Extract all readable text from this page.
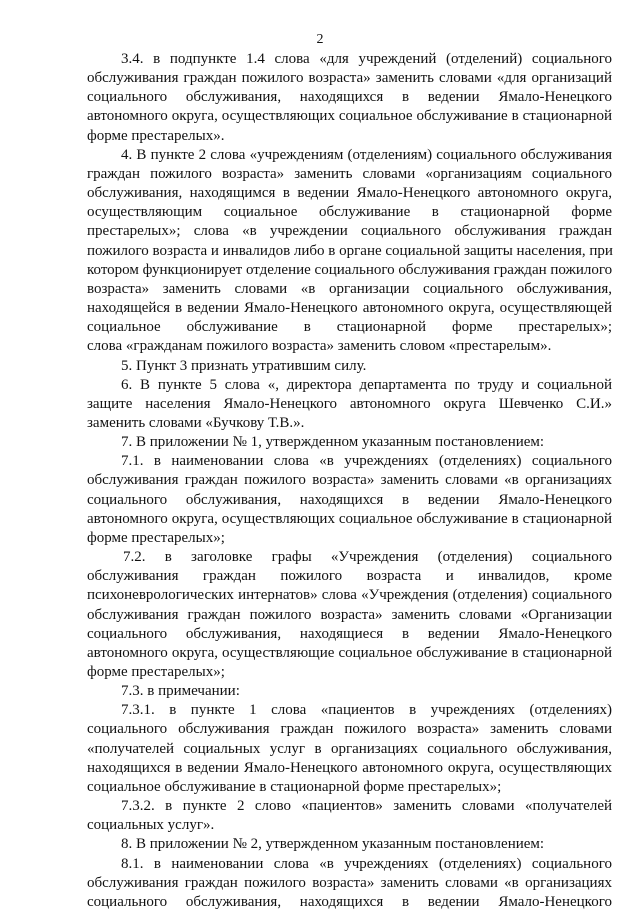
2
3.4. в подпункте 1.4 слова «для учреждений (отделений) социального
обслуживания граждан пожилого возраста» заменить словами «для организаций
социального обслуживания, находящихся в ведении Ямало-Ненецкого
автономного округа, осуществляющих социальное обслуживание в стационарной
форме престарелых».
4. В пункте 2 слова «учреждениям (отделениям) социального обслуживания
граждан пожилого возраста» заменить словами «организациям социального
обслуживания, находящимся в ведении Ямало-Ненецкого автономного округа,
осуществляющим социальное обслуживание в стационарной форме
престарелых»; слова «в учреждении социального обслуживания граждан
пожилого возраста и инвалидов либо в органе социальной защиты населения, при
котором функционирует отделение социального обслуживания граждан пожилого
возраста» заменить словами «в организации социального обслуживания,
находящейся в ведении Ямало-Ненецкого автономного округа, осуществляющей
социальное обслуживание в стационарной форме престарелых»;
слова «гражданам пожилого возраста» заменить словом «престарелым».
5. Пункт 3 признать утратившим силу.
6. В пункте 5 слова «, директора департамента по труду и социальной
защите населения Ямало-Ненецкого автономного округа Шевченко С.И.»
заменить словами «Бучкову Т.В.».
7. В приложении № 1, утвержденном указанным постановлением:
7.1. в наименовании слова «в учреждениях (отделениях) социального
обслуживания граждан пожилого возраста» заменить словами «в организациях
социального обслуживания, находящихся в ведении Ямало-Ненецкого
автономного округа, осуществляющих социальное обслуживание в стационарной
форме престарелых»;
7.2. в заголовке графы «Учреждения (отделения) социального
обслуживания граждан пожилого возраста и инвалидов, кроме
психоневрологических интернатов» слова «Учреждения (отделения) социального
обслуживания граждан пожилого возраста» заменить словами «Организации
социального обслуживания, находящиеся в ведении Ямало-Ненецкого
автономного округа, осуществляющие социальное обслуживание в стационарной
форме престарелых»;
7.3. в примечании:
7.3.1. в пункте 1 слова «пациентов в учреждениях (отделениях)
социального обслуживания граждан пожилого возраста» заменить словами
«получателей социальных услуг в организациях социального обслуживания,
находящихся в ведении Ямало-Ненецкого автономного округа, осуществляющих
социальное обслуживание в стационарной форме престарелых»;
7.3.2. в пункте 2 слово «пациентов» заменить словами «получателей
социальных услуг».
8. В приложении № 2, утвержденном указанным постановлением:
8.1. в наименовании слова «в учреждениях (отделениях) социального
обслуживания граждан пожилого возраста» заменить словами «в организациях
социального обслуживания, находящихся в ведении Ямало-Ненецкого
